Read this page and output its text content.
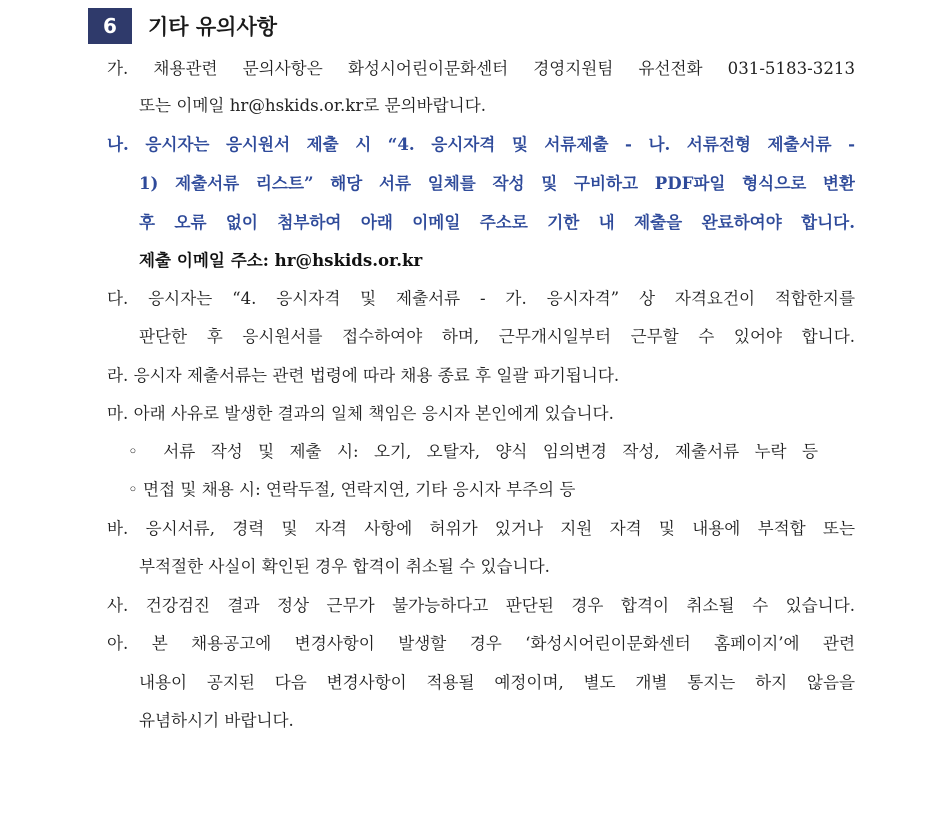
6	기타 유의사항
가. 채용관련 문의사항은 화성시어린이문화센터 경영지원팀 유선전화 031-5183-3213
또는 이메일 hr@hskids.or.kr로 문의바랍니다.
나. 응시자는 응시원서 제출 시 “4. 응시자격 및 서류제출 - 나. 서류전형 제출서류 -
1) 제출서류 리스트” 해당 서류 일체를 작성 및 구비하고 PDF파일 형식으로 변환
후 오류 없이 첨부하여 아래 이메일 주소로 기한 내 제출을 완료하여야 합니다.
제출 이메일 주소: hr@hskids.or.kr
다. 응시자는 “4. 응시자격 및 제출서류 - 가. 응시자격” 상 자격요건이 적합한지를
판단한 후 응시원서를 접수하여야 하며, 근무개시일부터 근무할 수 있어야 합니다.
라. 응시자 제출서류는 관련 법령에 따라 채용 종료 후 일괄 파기됩니다.
마. 아래 사유로 발생한 결과의 일체 책임은 응시자 본인에게 있습니다.
◦ 서류 작성 및 제출 시: 오기, 오탈자, 양식 임의변경 작성, 제출서류 누락 등
◦ 면접 및 채용 시: 연락두절, 연락지연, 기타 응시자 부주의 등
바. 응시서류, 경력 및 자격 사항에 허위가 있거나 지원 자격 및 내용에 부적합 또는
부적절한 사실이 확인된 경우 합격이 취소될 수 있습니다.
사. 건강검진 결과 정상 근무가 불가능하다고 판단된 경우 합격이 취소될 수 있습니다.
아. 본 채용공고에 변경사항이 발생할 경우 ‘화성시어린이문화센터 홈페이지’에 관련
내용이 공지된 다음 변경사항이 적용될 예정이며, 별도 개별 통지는 하지 않음을
유념하시기 바랍니다.
